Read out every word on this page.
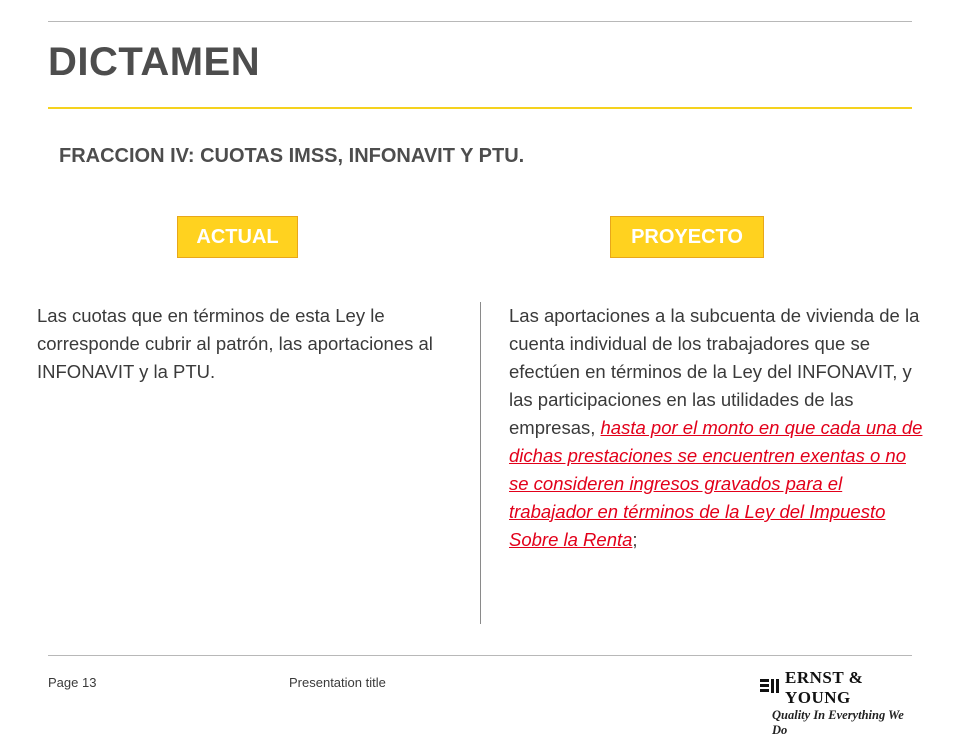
DICTAMEN
FRACCION IV: CUOTAS IMSS, INFONAVIT Y PTU.
ACTUAL	PROYECTO
Las cuotas que en términos de esta Ley le corresponde cubrir al patrón, las aportaciones al INFONAVIT y la PTU.
Las aportaciones a la subcuenta de vivienda de la cuenta individual de los trabajadores que se efectúen en términos de la Ley del INFONAVIT, y las participaciones en las utilidades de las empresas, hasta por el monto en que cada una de dichas prestaciones se encuentren exentas o no se consideren ingresos gravados para el trabajador en términos de la Ley del Impuesto Sobre la Renta;
Page 13	Presentation title	ERNST & YOUNG
Quality In Everything We Do
